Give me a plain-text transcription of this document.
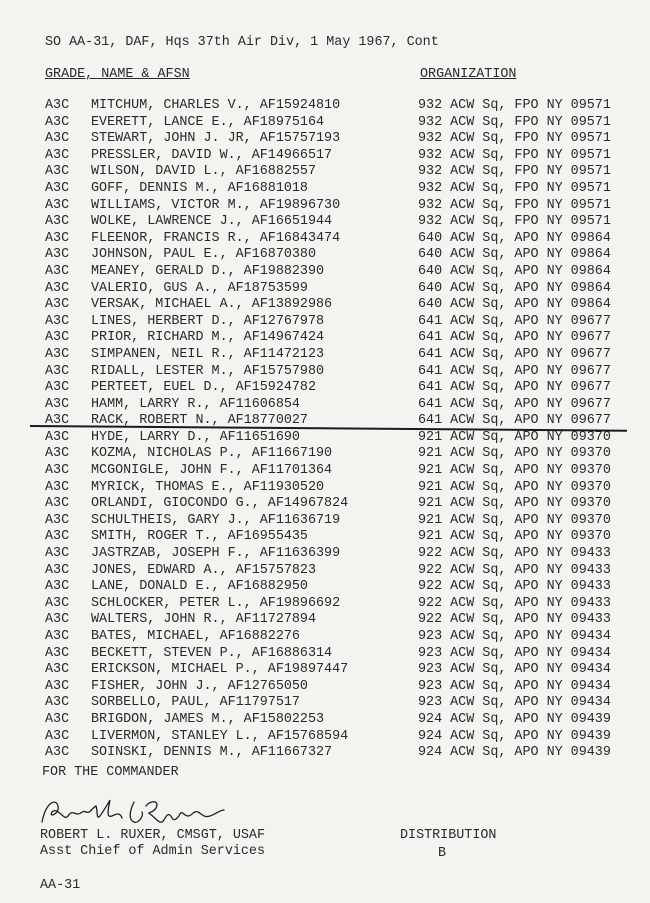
SO AA-31, DAF, Hqs 37th Air Div, 1 May 1967, Cont
GRADE, NAME & AFSN	ORGANIZATION
A3C MITCHUM, CHARLES V., AF15924810	932 ACW Sq, FPO NY 09571
A3C EVERETT, LANCE E., AF18975164	932 ACW Sq, FPO NY 09571
A3C STEWART, JOHN J. JR, AF15757193	932 ACW Sq, FPO NY 09571
A3C PRESSLER, DAVID W., AF14966517	932 ACW Sq, FPO NY 09571
A3C WILSON, DAVID L., AF16882557	932 ACW Sq, FPO NY 09571
A3C GOFF, DENNIS M., AF16881018	932 ACW Sq, FPO NY 09571
A3C WILLIAMS, VICTOR M., AF19896730	932 ACW Sq, FPO NY 09571
A3C WOLKE, LAWRENCE J., AF16651944	932 ACW Sq, FPO NY 09571
A3C FLEENOR, FRANCIS R., AF16843474	640 ACW Sq, APO NY 09864
A3C JOHNSON, PAUL E., AF16870380	640 ACW Sq, APO NY 09864
A3C MEANEY, GERALD D., AF19882390	640 ACW Sq, APO NY 09864
A3C VALERIO, GUS A., AF18753599	640 ACW Sq, APO NY 09864
A3C VERSAK, MICHAEL A., AF13892986	640 ACW Sq, APO NY 09864
A3C LINES, HERBERT D., AF12767978	641 ACW Sq, APO NY 09677
A3C PRIOR, RICHARD M., AF14967424	641 ACW Sq, APO NY 09677
A3C SIMPANEN, NEIL R., AF11472123	641 ACW Sq, APO NY 09677
A3C RIDALL, LESTER M., AF15757980	641 ACW Sq, APO NY 09677
A3C PERTEET, EUEL D., AF15924782	641 ACW Sq, APO NY 09677
A3C HAMM, LARRY R., AF11606854	641 ACW Sq, APO NY 09677
A3C RACK, ROBERT N., AF18770027	641 ACW Sq, APO NY 09677
A3C HYDE, LARRY D., AF11651690	921 ACW Sq, APO NY 09370
A3C KOZMA, NICHOLAS P., AF11667190	921 ACW Sq, APO NY 09370
A3C MCGONIGLE, JOHN F., AF11701364	921 ACW Sq, APO NY 09370
A3C MYRICK, THOMAS E., AF11930520	921 ACW Sq, APO NY 09370
A3C ORLANDI, GIOCONDO G., AF14967824	921 ACW Sq, APO NY 09370
A3C SCHULTHEIS, GARY J., AF11636719	921 ACW Sq, APO NY 09370
A3C SMITH, ROGER T., AF16955435	921 ACW Sq, APO NY 09370
A3C JASTRZAB, JOSEPH F., AF11636399	922 ACW Sq, APO NY 09433
A3C JONES, EDWARD A., AF15757823	922 ACW Sq, APO NY 09433
A3C LANE, DONALD E., AF16882950	922 ACW Sq, APO NY 09433
A3C SCHLOCKER, PETER L., AF19896692	922 ACW Sq, APO NY 09433
A3C WALTERS, JOHN R., AF11727894	922 ACW Sq, APO NY 09433
A3C BATES, MICHAEL, AF16882276	923 ACW Sq, APO NY 09434
A3C BECKETT, STEVEN P., AF16886314	923 ACW Sq, APO NY 09434
A3C ERICKSON, MICHAEL P., AF19897447	923 ACW Sq, APO NY 09434
A3C FISHER, JOHN J., AF12765050	923 ACW Sq, APO NY 09434
A3C SORBELLO, PAUL, AF11797517	923 ACW Sq, APO NY 09434
A3C BRIGDON, JAMES M., AF15802253	924 ACW Sq, APO NY 09439
A3C LIVERMON, STANLEY L., AF15768594	924 ACW Sq, APO NY 09439
A3C SOINSKI, DENNIS M., AF11667327	924 ACW Sq, APO NY 09439
FOR THE COMMANDER
ROBERT L. RUXER, CMSGT, USAF
Asst Chief of Admin Services
DISTRIBUTION
B
AA-31
